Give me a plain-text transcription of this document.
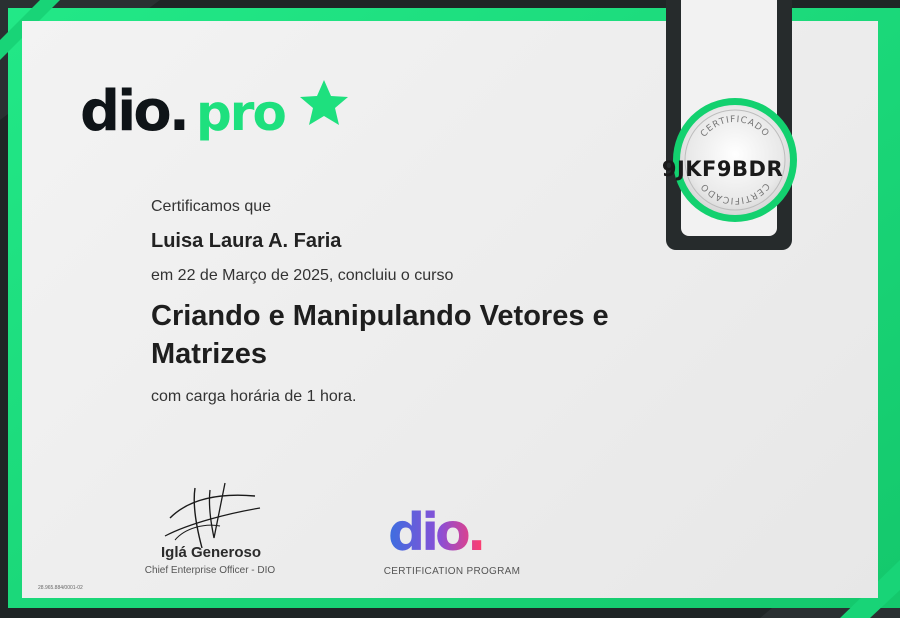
dio. pro
Certificamos que
Luisa Laura A. Faria
em 22 de Março de 2025, concluiu o curso
Criando e Manipulando Vetores e Matrizes
com carga horária de 1 hora.
CERTIFICADO
CERTIFICADO
9JKF9BDR
Iglá Generoso
Chief Enterprise Officer - DIO
dio.
CERTIFICATION PROGRAM
28.965.884/0001-02
